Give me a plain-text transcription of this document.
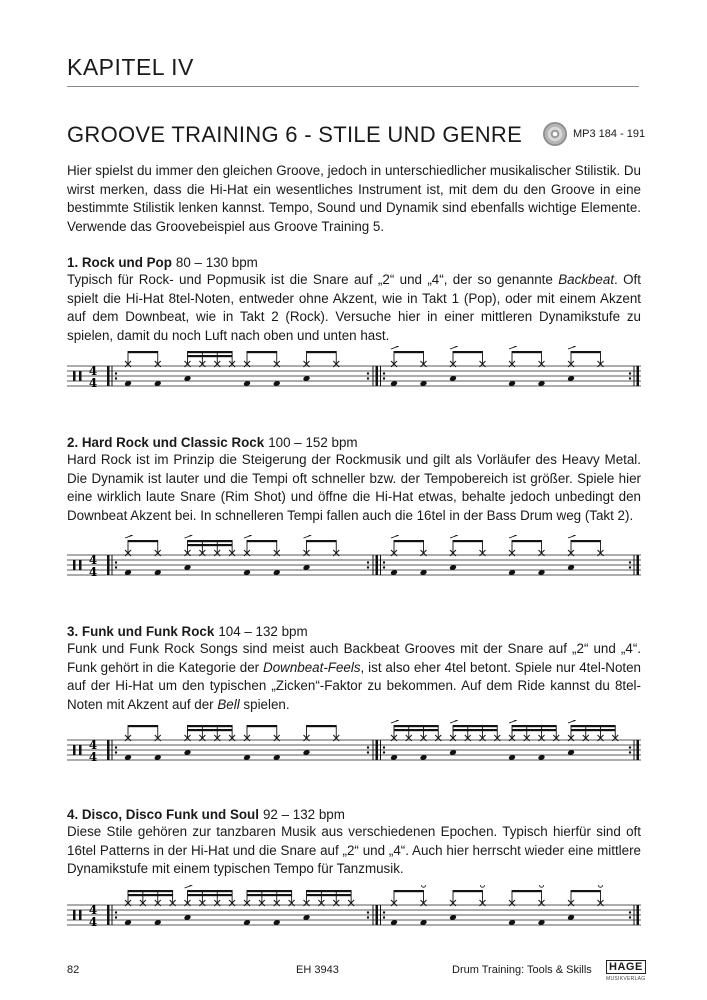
KAPITEL IV
GROOVE TRAINING 6 - STILE UND GENRE	MP3 184 - 191

Hier spielst du immer den gleichen Groove, jedoch in unterschiedlicher musikalischer Stilistik. Du wirst merken, dass die Hi-Hat ein wesentliches Instrument ist, mit dem du den Groove in eine bestimmte Stilistik lenken kannst. Tempo, Sound und Dynamik sind ebenfalls wichtige Elemente. Verwende das Groovebeispiel aus Groove Training 5.

1. Rock und Pop 80 – 130 bpm

Typisch für Rock- und Popmusik ist die Snare auf „2“ und „4“, der so genannte Backbeat. Oft spielt die Hi-Hat 8tel-Noten, entweder ohne Akzent, wie in Takt 1 (Pop), oder mit einem Akzent auf dem Downbeat, wie in Takt 2 (Rock). Versuche hier in einer mittleren Dynamikstufe zu spielen, damit du noch Luft nach oben und unten hast.

4
4
2. Hard Rock und Classic Rock 100 – 152 bpm

Hard Rock ist im Prinzip die Steigerung der Rockmusik und gilt als Vorläufer des Heavy Metal. Die Dynamik ist lauter und die Tempi oft schneller bzw. der Tempobereich ist größer. Spiele hier eine wirklich laute Snare (Rim Shot) und öffne die Hi-Hat etwas, behalte jedoch unbedingt den Downbeat Akzent bei. In schnelleren Tempi fallen auch die 16tel in der Bass Drum weg (Takt 2).

4
4
3. Funk und Funk Rock 104 – 132 bpm

Funk und Funk Rock Songs sind meist auch Backbeat Grooves mit der Snare auf „2“ und „4“. Funk gehört in die Kategorie der Downbeat-Feels, ist also eher 4tel betont. Spiele nur 4tel-Noten auf der Hi-Hat um den typischen „Zicken“-Faktor zu bekommen. Auf dem Ride kannst du 8tel-Noten mit Akzent auf der Bell spielen.

4
4
4. Disco, Disco Funk und Soul 92 – 132 bpm

Diese Stile gehören zur tanzbaren Musik aus verschiedenen Epochen. Typisch hierfür sind oft 16tel Patterns in der Hi-Hat und die Snare auf „2“ und „4“. Auch hier herrscht wieder eine mittlere Dynamikstufe mit einem typischen Tempo für Tanzmusik.

4
4
82	EH 3943	Drum Training: Tools & Skills HAGE
MUSIKVERLAG
